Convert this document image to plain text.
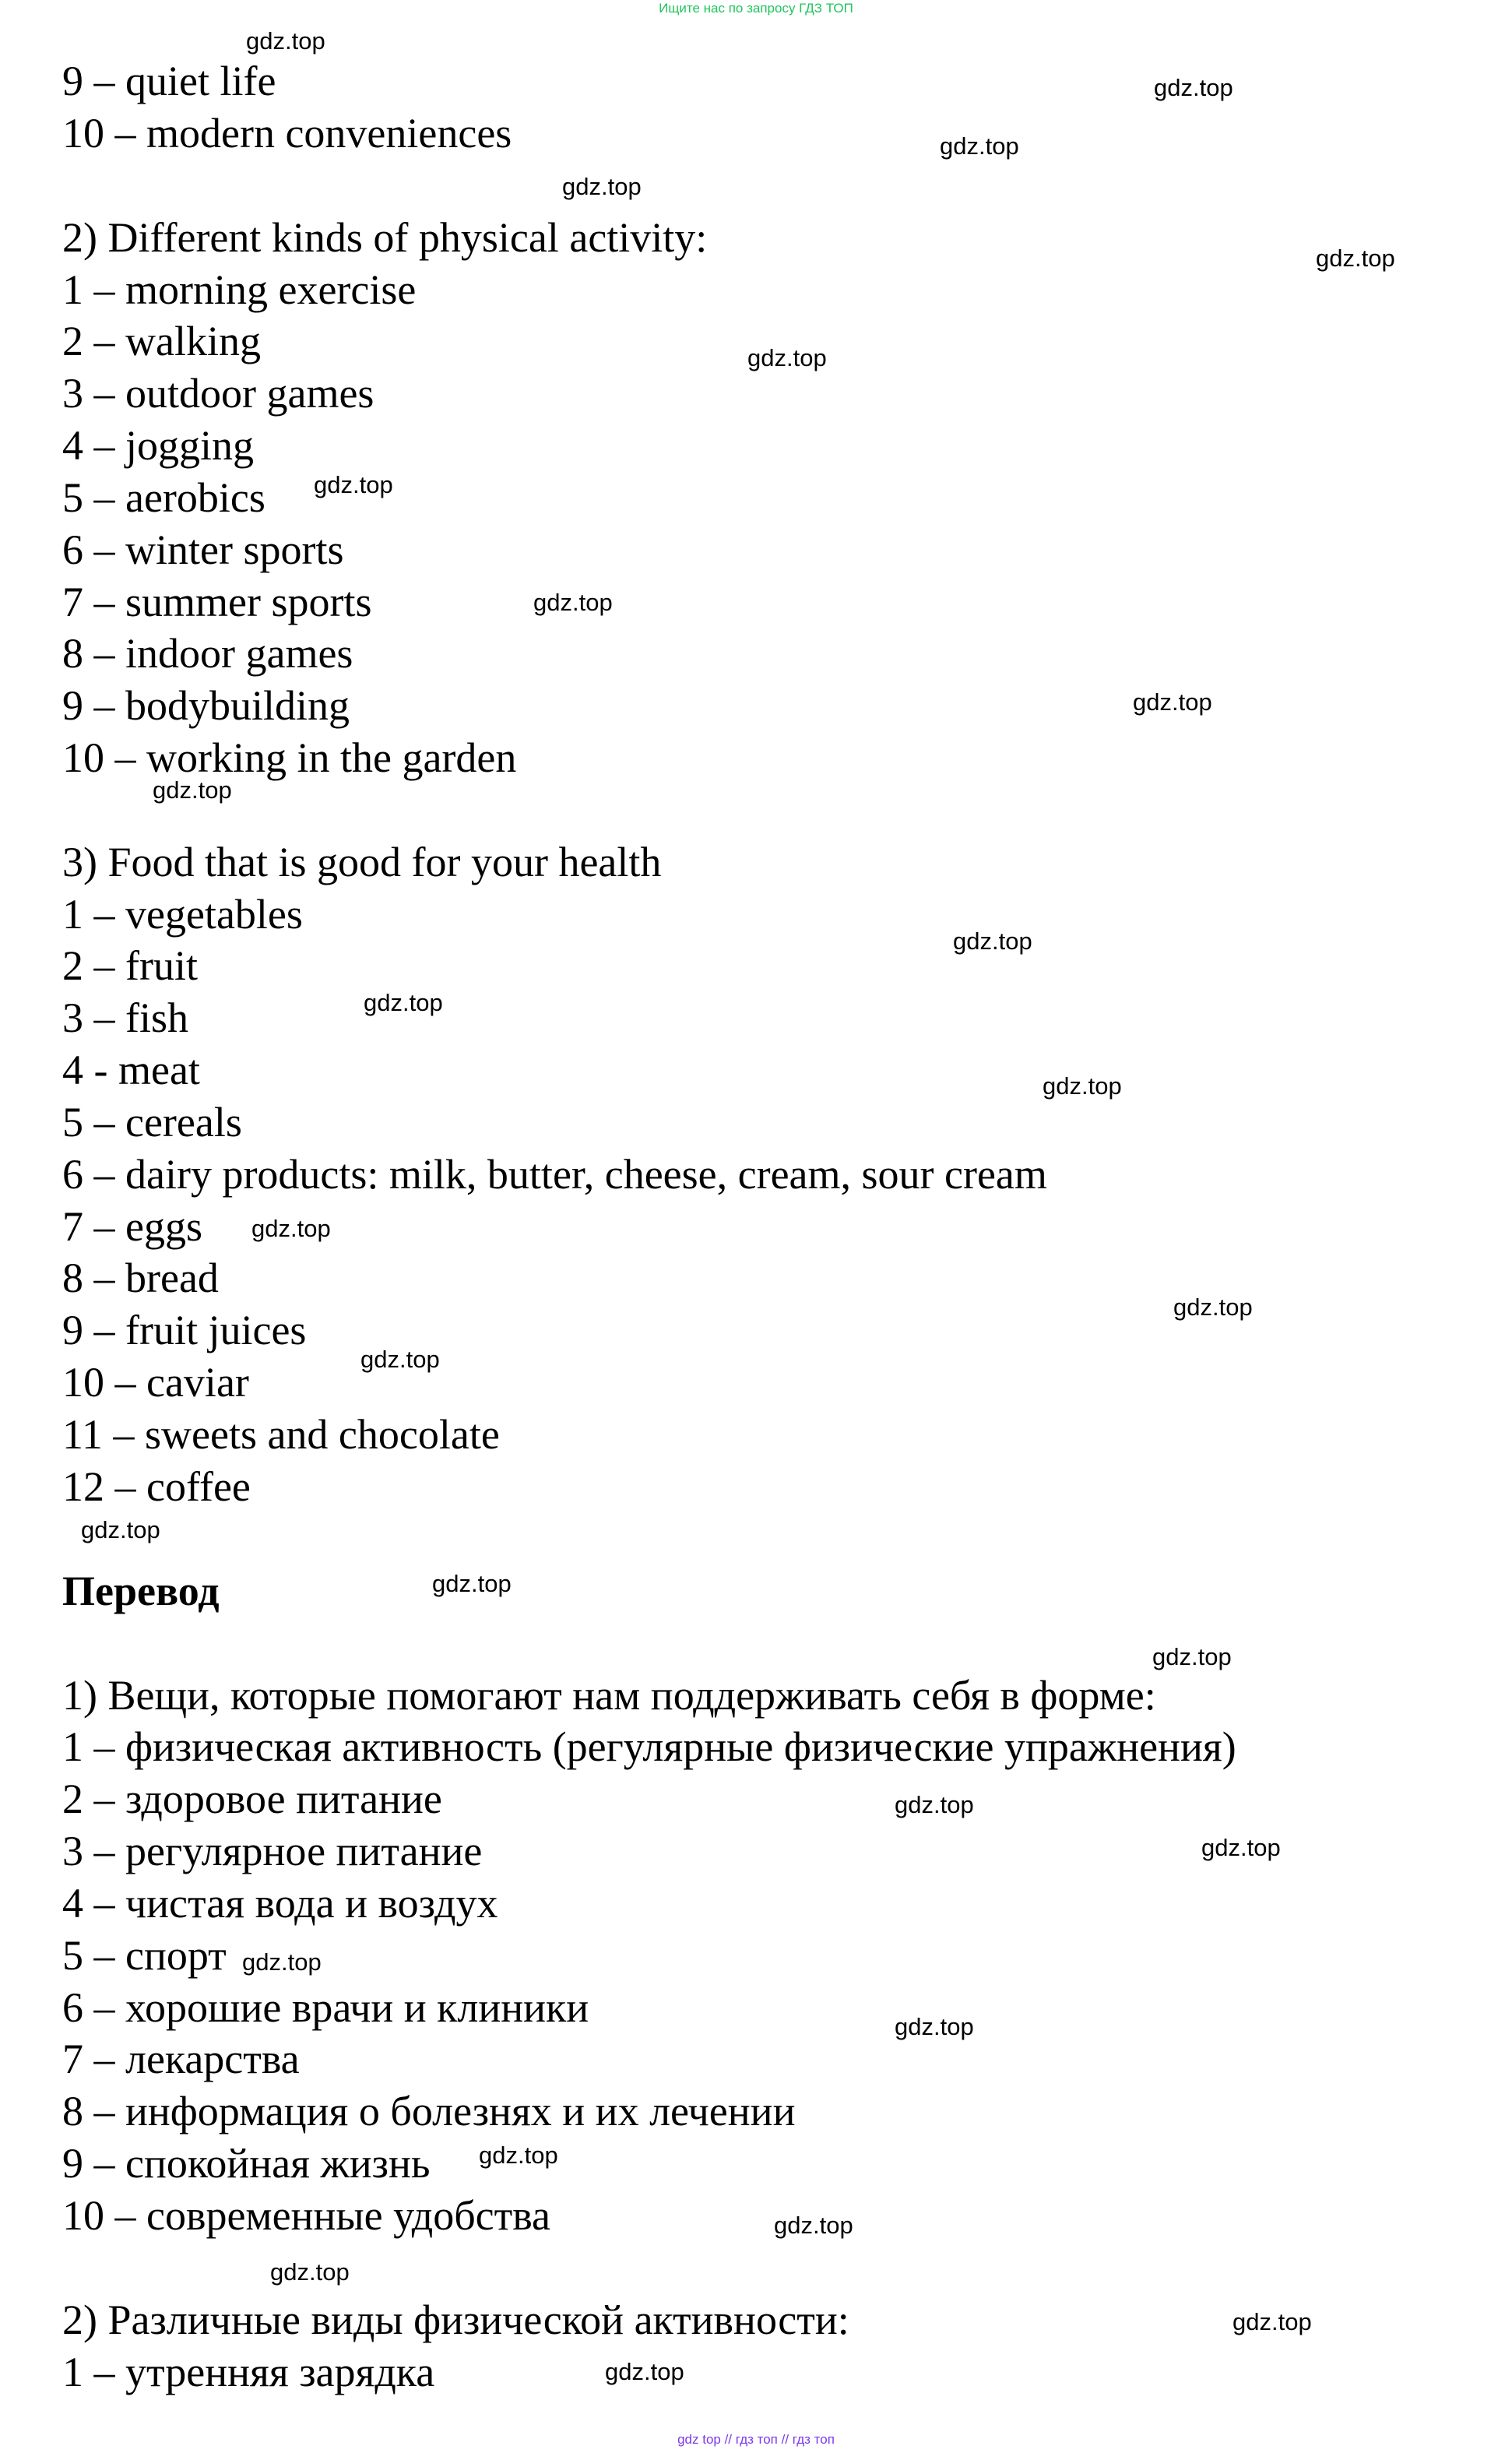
Ищите нас по запросу ГДЗ ТОП

9 – quiet life

10 – modern conveniences

2) Different kinds of physical activity:

1 – morning exercise

2 – walking

3 – outdoor games

4 – jogging

5 – aerobics

6 – winter sports

7 – summer sports

8 – indoor games

9 – bodybuilding

10 – working in the garden

3) Food that is good for your health

1 – vegetables

2 – fruit

3 – fish

4 - meat

5 – cereals

6 – dairy products: milk, butter, cheese, cream, sour cream

7 – eggs

8 – bread

9 – fruit juices

10 – caviar

11 – sweets and chocolate

12 – coffee

Перевод

1) Вещи, которые помогают нам поддерживать себя в форме:

1 – физическая активность (регулярные физические упражнения)

2 – здоровое питание

3 – регулярное питание

4 – чистая вода и воздух

5 – спорт

6 – хорошие врачи и клиники

7 – лекарства

8 – информация о болезнях и их лечении

9 – спокойная жизнь

10 – современные удобства

2) Различные виды физической активности:

1 – утренняя зарядка

gdz.top
gdz.top
gdz.top
gdz.top
gdz.top
gdz.top
gdz.top
gdz.top
gdz.top
gdz.top
gdz.top
gdz.top
gdz.top
gdz.top
gdz.top
gdz.top
gdz.top
gdz.top
gdz.top
gdz.top
gdz.top
gdz.top
gdz.top
gdz.top
gdz.top
gdz.top
gdz.top
gdz.top
gdz top // гдз топ // гдз топ
